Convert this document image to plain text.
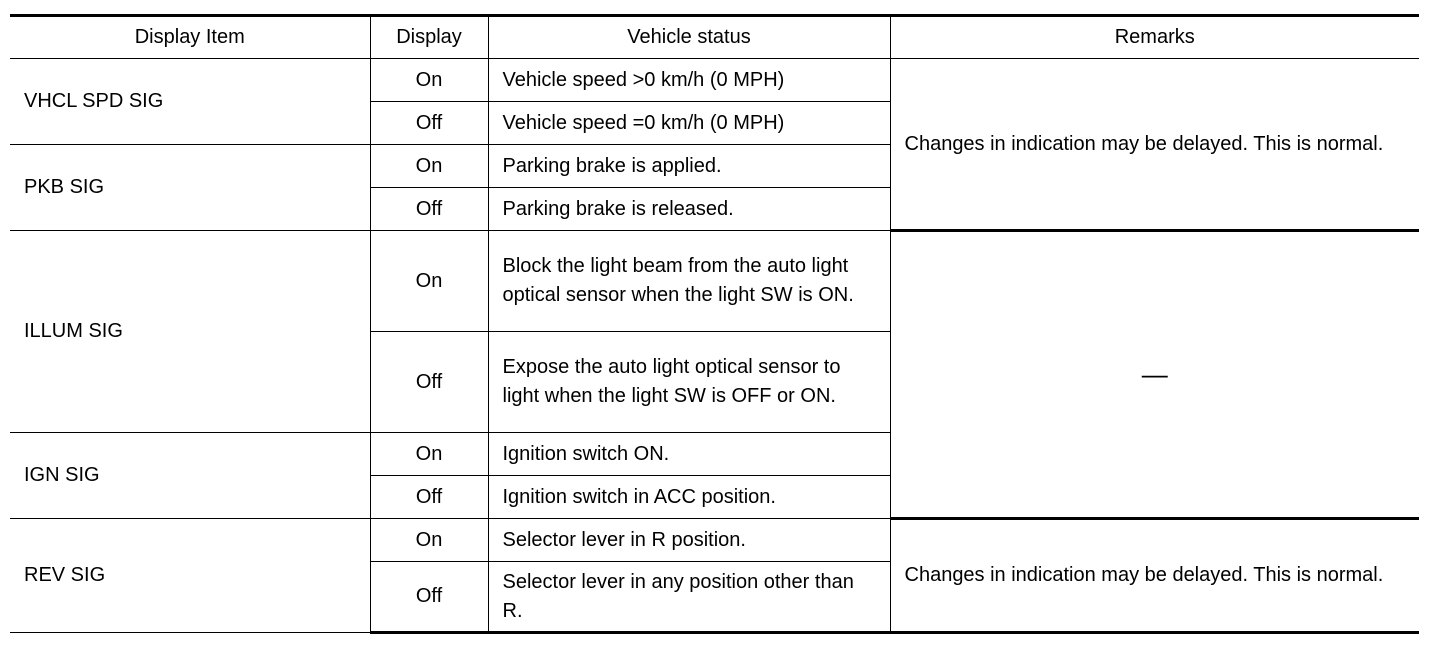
Display Item	Display	Vehicle status	Remarks
VHCL SPD SIG	On	Vehicle speed >0 km/h (0 MPH)	Changes in indication may be delayed. This is normal.
	Off	Vehicle speed =0 km/h (0 MPH)	
PKB SIG	On	Parking brake is applied.	
	Off	Parking brake is released.	
ILLUM SIG	On	Block the light beam from the auto light optical sensor when the light SW is ON.	—
	Off	Expose the auto light optical sensor to light when the light SW is OFF or ON.	
IGN SIG	On	Ignition switch ON.	
	Off	Ignition switch in ACC position.	
REV SIG	On	Selector lever in R position.	Changes in indication may be delayed. This is normal.
	Off	Selector lever in any position other than R.	
